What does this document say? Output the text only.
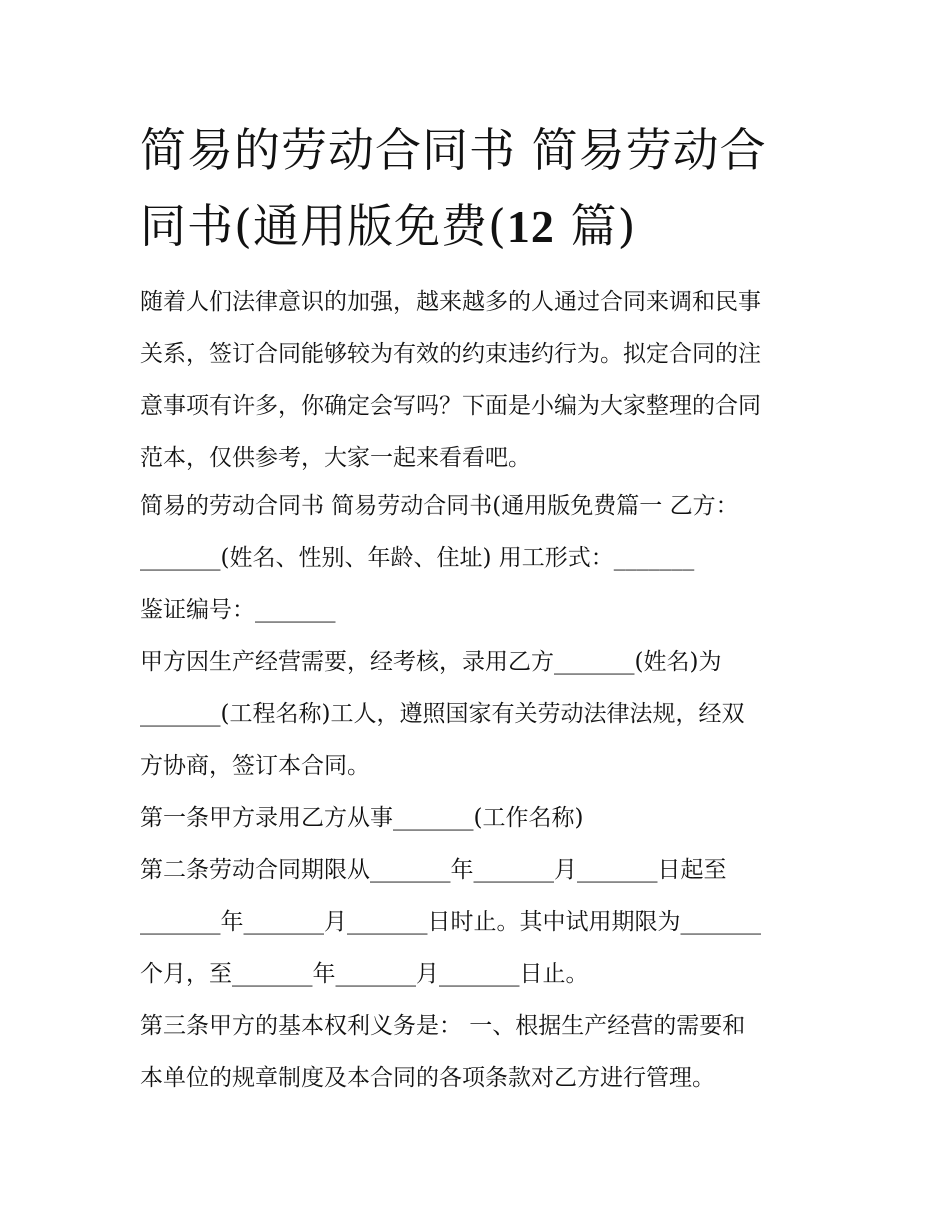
简易的劳动合同书 简易劳动合
同书(通用版免费(12 篇)
随着人们法律意识的加强，越来越多的人通过合同来调和民事
关系，签订合同能够较为有效的约束违约行为。拟定合同的注
意事项有许多，你确定会写吗？下面是小编为大家整理的合同
范本，仅供参考，大家一起来看看吧。
简易的劳动合同书 简易劳动合同书(通用版免费篇一 乙方：
_______(姓名、性别、年龄、住址) 用工形式：_______
鉴证编号：_______
甲方因生产经营需要，经考核，录用乙方_______(姓名)为
_______(工程名称)工人，遵照国家有关劳动法律法规，经双
方协商，签订本合同。
第一条甲方录用乙方从事_______(工作名称)
第二条劳动合同期限从_______年_______月_______日起至
_______年_______月_______日时止。其中试用期限为_______
个月，至_______年_______月_______日止。
第三条甲方的基本权利义务是： 一、根据生产经营的需要和
本单位的规章制度及本合同的各项条款对乙方进行管理。
